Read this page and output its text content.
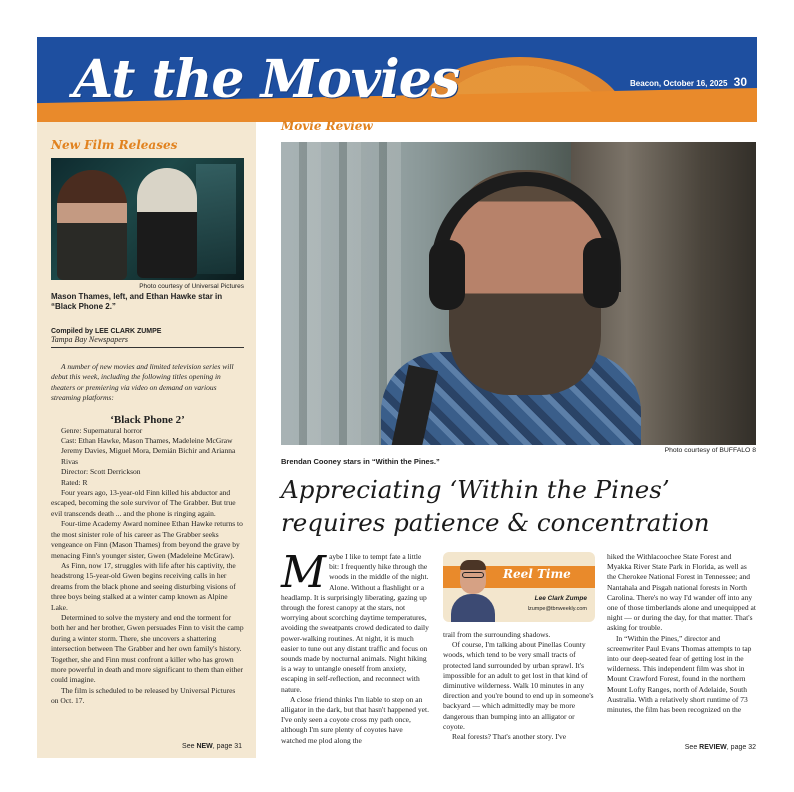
At the Movies	Beacon, October 16, 2025 30
New Film Releases
Photo courtesy of Universal Pictures
Mason Thames, left, and Ethan Hawke star in “Black Phone 2.”
Compiled by LEE CLARK ZUMPE
Tampa Bay Newspapers

A number of new movies and limited television series will debut this week, including the following titles opening in theaters or premiering via video on demand on various streaming platforms:

‘Black Phone 2’
Genre: Supernatural horror
Cast: Ethan Hawke, Mason Thames, Madeleine McGraw Jeremy Davies, Miguel Mora, Demián Bichir and Arianna Rivas
Director: Scott Derrickson
Rated: R

Four years ago, 13-year-old Finn killed his abductor and escaped, becoming the sole survivor of The Grabber. But true evil transcends death ... and the phone is ringing again.

Four-time Academy Award nominee Ethan Hawke returns to the most sinister role of his career as The Grabber seeks vengeance on Finn (Mason Thames) from beyond the grave by menacing Finn's younger sister, Gwen (Madeleine McGraw).

As Finn, now 17, struggles with life after his captivity, the headstrong 15-year-old Gwen begins receiving calls in her dreams from the black phone and seeing disturbing visions of three boys being stalked at a winter camp known as Alpine Lake.

Determined to solve the mystery and end the torment for both her and her brother, Gwen persuades Finn to visit the camp during a winter storm. There, she uncovers a shattering intersection between The Grabber and her own family's history. Together, she and Finn must confront a killer who has grown more powerful in death and more significant to them than either could imagine.

The film is scheduled to be released by Universal Pictures on Oct. 17.

See NEW, page 31
Movie Review
Photo courtesy of BUFFALO 8
Brendan Cooney stars in “Within the Pines.”
Appreciating ‘Within the Pines’ requires patience & concentration

Maybe I like to tempt fate a little bit: I frequently hike through the woods in the middle of the night. Alone. Without a flashlight or a headlamp. It is surprisingly liberating, gazing up through the forest canopy at the stars, not worrying about scorching daytime temperatures, avoiding the sweatpants crowd dedicated to daily power-walking routines. At night, it is much easier to tune out any distant traffic and focus on sounds made by nocturnal animals. Night hiking is a way to untangle oneself from anxiety, escaping in self-reflection, and reconnect with nature.

A close friend thinks I'm liable to step on an alligator in the dark, but that hasn't happened yet. I've only seen a coyote cross my path once, although I'm sure plenty of coyotes have watched me plod along the

Reel Time
Lee Clark Zumpe
lzumpe@tbnweekly.com

trail from the surrounding shadows.

Of course, I'm talking about Pinellas County woods, which tend to be very small tracts of protected land surrounded by urban sprawl. It's impossible for an adult to get lost in that kind of diminutive wilderness. Walk 10 minutes in any direction and you're bound to end up in someone's backyard — which admittedly may be more dangerous than bumping into an alligator or coyote.

Real forests? That's another story. I've

hiked the Withlacoochee State Forest and Myakka River State Park in Florida, as well as the Cherokee National Forest in Tennessee; and Nantahala and Pisgah national forests in North Carolina. There's no way I'd wander off into any one of those timberlands alone and unequipped at night — or during the day, for that matter. That's asking for trouble.

In “Within the Pines,” director and screenwriter Paul Evans Thomas attempts to tap into our deep-seated fear of getting lost in the wilderness. This independent film was shot in Mount Crawford Forest, found in the northern Mount Lofty Ranges, north of Adelaide, South Australia. With a relatively short runtime of 73 minutes, the film has been recognized on the

See REVIEW, page 32
